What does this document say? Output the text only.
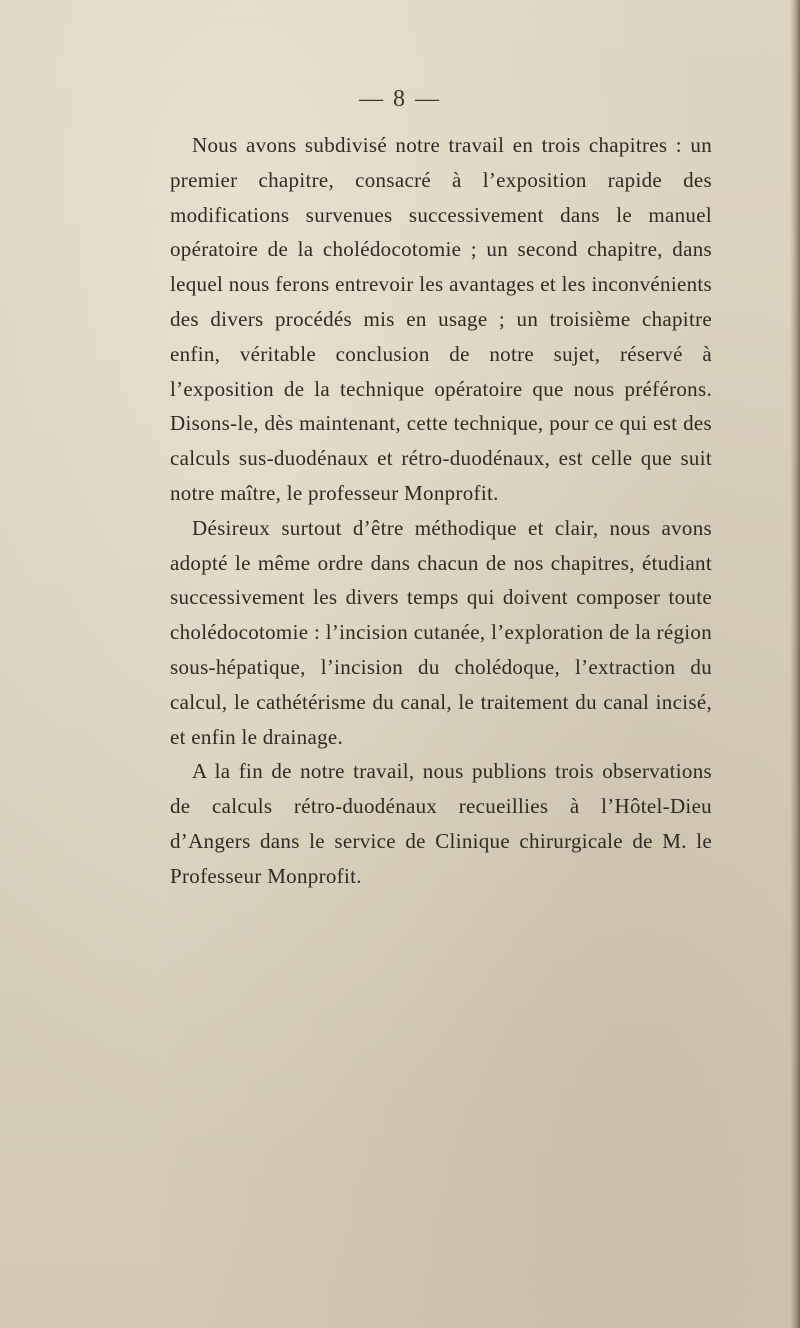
— 8 —

Nous avons subdivisé notre travail en trois chapitres : un premier chapitre, consacré à l’exposition rapide des modifications survenues successivement dans le manuel opératoire de la cholédocotomie ; un second chapitre, dans lequel nous ferons entrevoir les avantages et les inconvénients des divers procédés mis en usage ; un troisième chapitre enfin, véritable conclusion de notre sujet, réservé à l’exposition de la technique opératoire que nous préférons. Disons-le, dès maintenant, cette technique, pour ce qui est des calculs sus-duodénaux et rétro-duodénaux, est celle que suit notre maître, le professeur Monprofit.

Désireux surtout d’être méthodique et clair, nous avons adopté le même ordre dans chacun de nos chapitres, étudiant successivement les divers temps qui doivent composer toute cholédocotomie : l’incision cutanée, l’exploration de la région sous-hépatique, l’incision du cholédoque, l’extraction du calcul, le cathétérisme du canal, le traitement du canal incisé, et enfin le drainage.

A la fin de notre travail, nous publions trois observations de calculs rétro-duodénaux recueillies à l’Hôtel-Dieu d’Angers dans le service de Clinique chirurgicale de M. le Professeur Monprofit.
